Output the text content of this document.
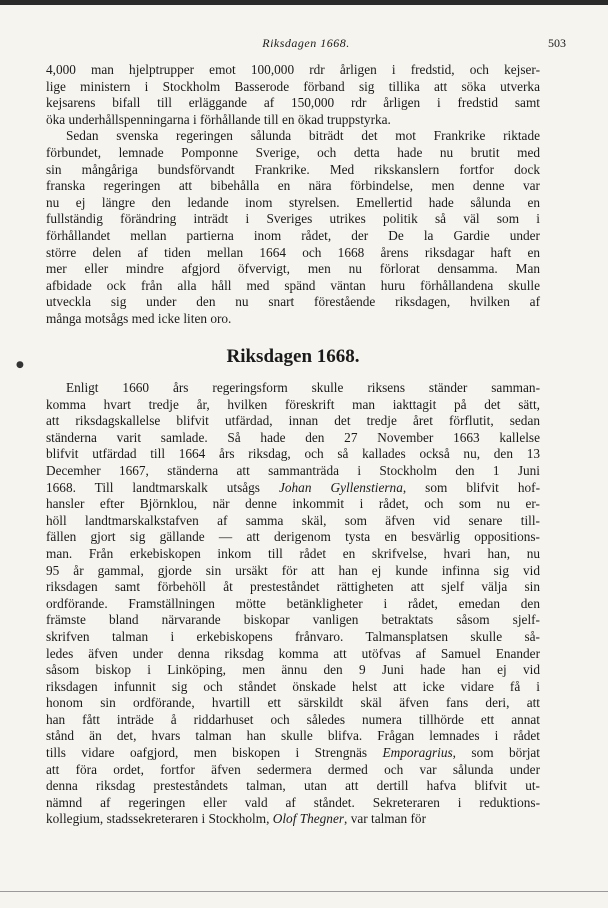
Riksdagen 1668.	503

4,000 man hjelptrupper emot 100,000 rdr årligen i fredstid, och kejser-
lige ministern i Stockholm Basserode förband sig tillika att söka utverka
kejsarens bifall till erläggande af 150,000 rdr årligen i fredstid samt
öka underhållspenningarna i förhållande till en ökad truppstyrka.

Sedan svenska regeringen sålunda biträdt det mot Frankrike riktade
förbundet, lemnade Pomponne Sverige, och detta hade nu brutit med
sin mångåriga bundsförvandt Frankrike. Med rikskanslern fortfor dock
franska regeringen att bibehålla en nära förbindelse, men denne var
nu ej längre den ledande inom styrelsen. Emellertid hade sålunda en
fullständig förändring inträdt i Sveriges utrikes politik så väl som i
förhållandet mellan partierna inom rådet, der De la Gardie under
större delen af tiden mellan 1664 och 1668 årens riksdagar haft en
mer eller mindre afgjord öfvervigt, men nu förlorat densamma. Man
afbidade ock från alla håll med spänd väntan huru förhållandena skulle
utveckla sig under den nu snart förestående riksdagen, hvilken af
många motsågs med icke liten oro.

●	Riksdagen 1668.
Enligt 1660 års regeringsform skulle riksens ständer samman-
komma hvart tredje år, hvilken föreskrift man iakttagit på det sätt,
att riksdagskallelse blifvit utfärdad, innan det tredje året förflutit, sedan
ständerna varit samlade. Så hade den 27 November 1663 kallelse
blifvit utfärdad till 1664 års riksdag, och så kallades också nu, den 13
Decemher 1667, ständerna att sammanträda i Stockholm den 1 Juni
1668. Till landtmarskalk utsågs Johan Gyllenstierna, som blifvit hof-
hansler efter Björnklou, när denne inkommit i rådet, och som nu er-
höll landtmarskalkstafven af samma skäl, som äfven vid senare till-
fällen gjort sig gällande — att derigenom tysta en besvärlig oppositions-
man. Från erkebiskopen inkom till rådet en skrifvelse, hvari han, nu
95 år gammal, gjorde sin ursäkt för att han ej kunde infinna sig vid
riksdagen samt förbehöll åt presteståndet rättigheten att sjelf välja sin
ordförande. Framställningen mötte betänkligheter i rådet, emedan den
främste bland närvarande biskopar vanligen betraktats såsom sjelf-
skrifven talman i erkebiskopens frånvaro. Talmansplatsen skulle så-
ledes äfven under denna riksdag komma att utöfvas af Samuel Enander
såsom biskop i Linköping, men ännu den 9 Juni hade han ej vid
riksdagen infunnit sig och ståndet önskade helst att icke vidare få i
honom sin ordförande, hvartill ett särskildt skäl äfven fans deri, att
han fått inträde å riddarhuset och således numera tillhörde ett annat
stånd än det, hvars talman han skulle blifva. Frågan lemnades i rådet
tills vidare oafgjord, men biskopen i Strengnäs Emporagrius, som börjat
att föra ordet, fortfor äfven sedermera dermed och var sålunda under
denna riksdag presteståndets talman, utan att dertill hafva blifvit ut-
nämnd af regeringen eller vald af ståndet. Sekreteraren i reduktions-
kollegium, stadssekreteraren i Stockholm, Olof Thegner, var talman för
